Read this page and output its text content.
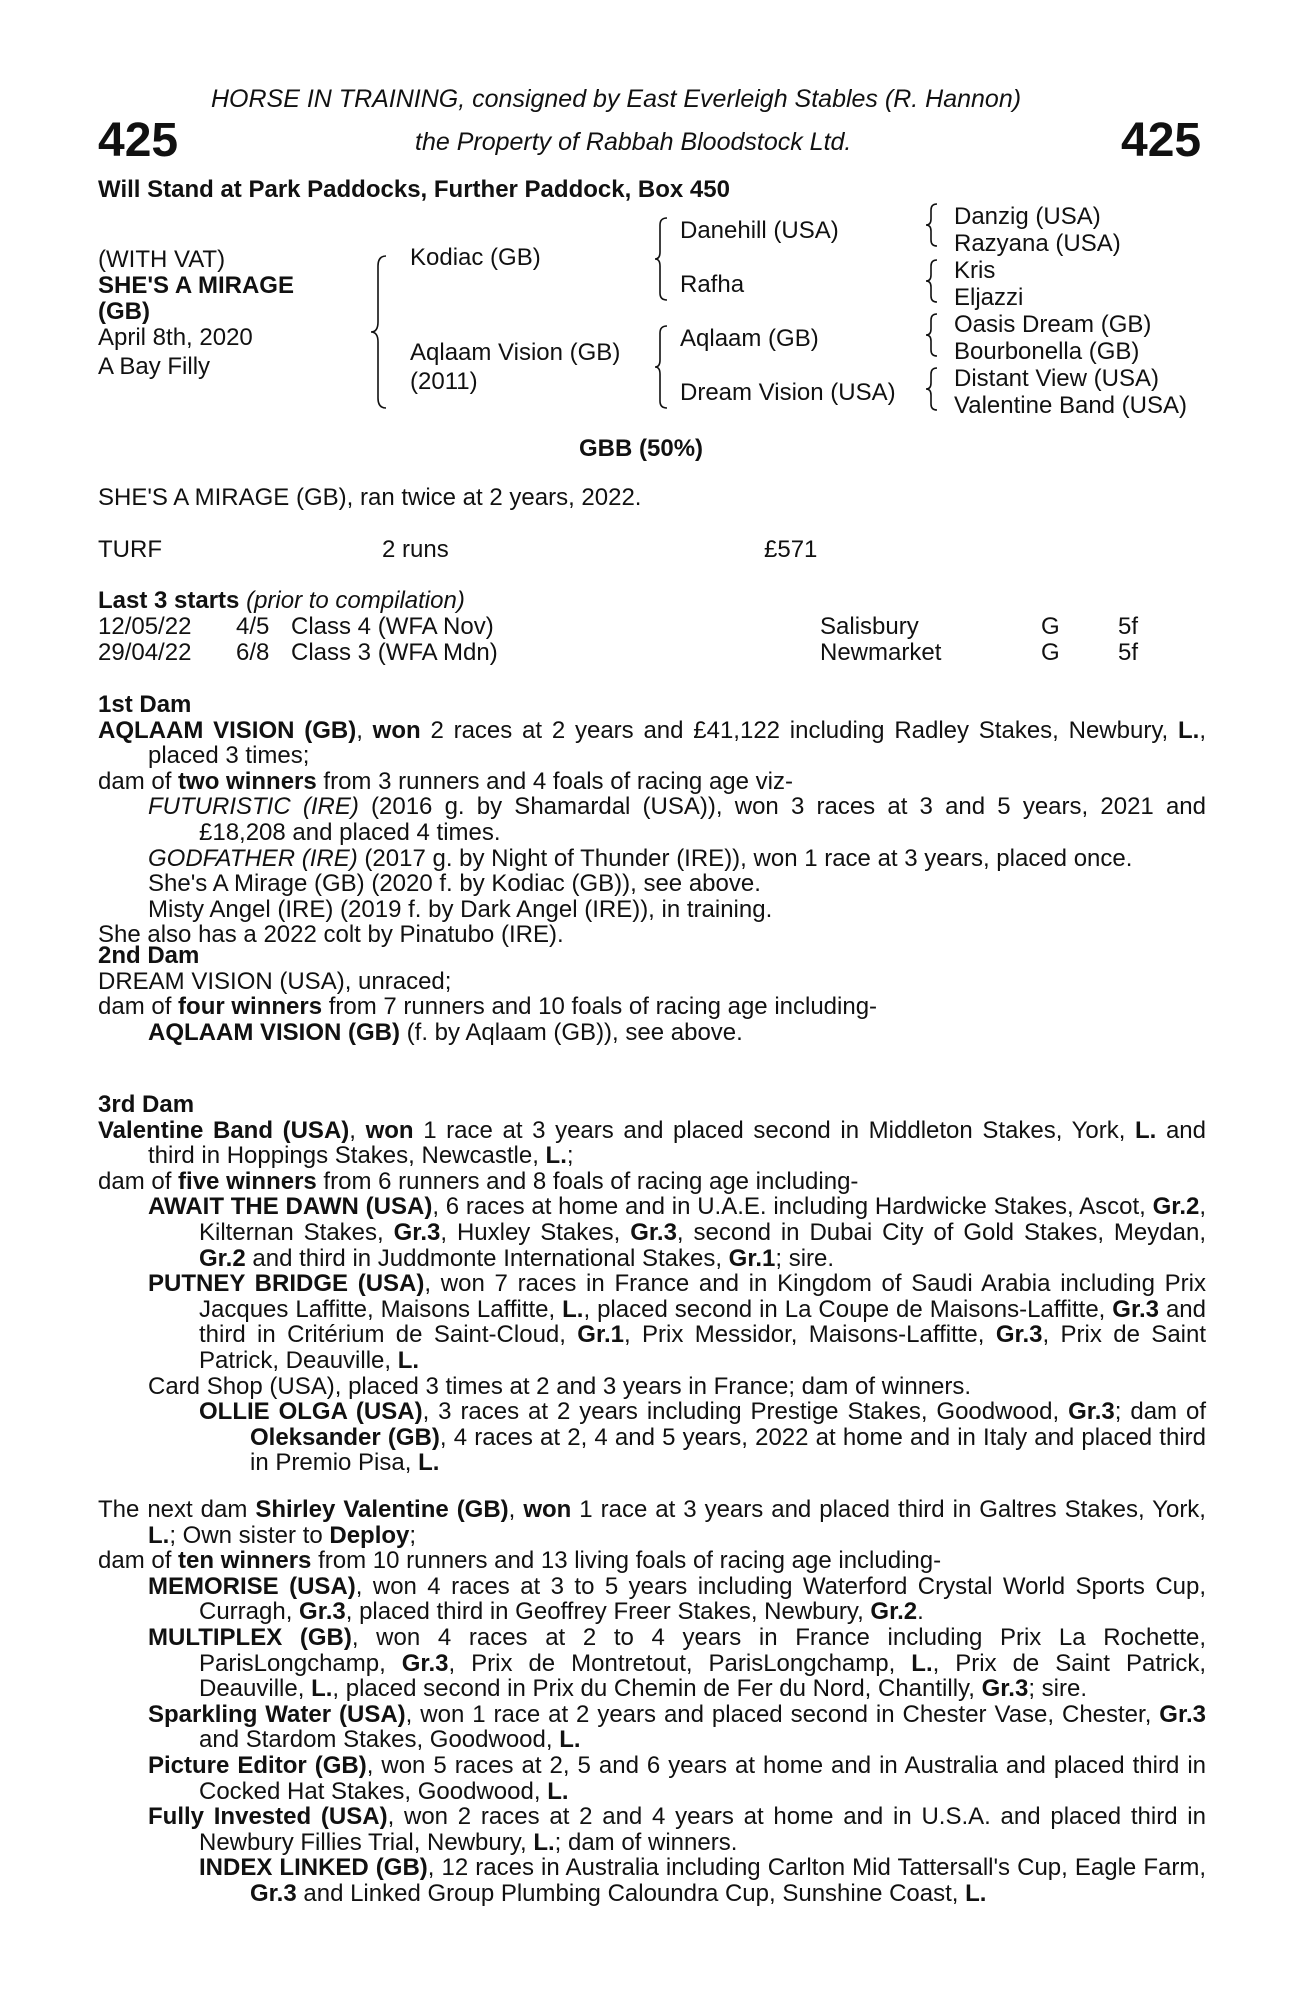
HORSE IN TRAINING, consigned by East Everleigh Stables (R. Hannon)
425	the Property of Rabbah Bloodstock Ltd.	425
Will Stand at Park Paddocks, Further Paddock, Box 450
(WITH VAT)
SHE'S A MIRAGE
(GB)
April 8th, 2020
A Bay Filly
Kodiac (GB)
Aqlaam Vision (GB)
(2011)
Danehill (USA)
Rafha
Aqlaam (GB)
Dream Vision (USA)
Danzig (USA)
Razyana (USA)
Kris
Eljazzi
Oasis Dream (GB)
Bourbonella (GB)
Distant View (USA)
Valentine Band (USA)
GBB (50%)
SHE'S A MIRAGE (GB), ran twice at 2 years, 2022.
TURF	2 runs	£571
Last 3 starts (prior to compilation)
12/05/22 4/5 Class 4 (WFA Nov)	Salisbury	G 5f
29/04/22 6/8 Class 3 (WFA Mdn)	Newmarket	G 5f
1st Dam
AQLAAM VISION (GB), won 2 races at 2 years and £41,122 including Radley Stakes, Newbury, L., placed 3 times;
dam of two winners from 3 runners and 4 foals of racing age viz-
FUTURISTIC (IRE) (2016 g. by Shamardal (USA)), won 3 races at 3 and 5 years, 2021 and £18,208 and placed 4 times.
GODFATHER (IRE) (2017 g. by Night of Thunder (IRE)), won 1 race at 3 years, placed once.
She's A Mirage (GB) (2020 f. by Kodiac (GB)), see above.
Misty Angel (IRE) (2019 f. by Dark Angel (IRE)), in training.
She also has a 2022 colt by Pinatubo (IRE).
2nd Dam
DREAM VISION (USA), unraced;
dam of four winners from 7 runners and 10 foals of racing age including-
AQLAAM VISION (GB) (f. by Aqlaam (GB)), see above.
3rd Dam
Valentine Band (USA), won 1 race at 3 years and placed second in Middleton Stakes, York, L. and third in Hoppings Stakes, Newcastle, L.;
dam of five winners from 6 runners and 8 foals of racing age including-
AWAIT THE DAWN (USA), 6 races at home and in U.A.E. including Hardwicke Stakes, Ascot, Gr.2, Kilternan Stakes, Gr.3, Huxley Stakes, Gr.3, second in Dubai City of Gold Stakes, Meydan, Gr.2 and third in Juddmonte International Stakes, Gr.1; sire.
PUTNEY BRIDGE (USA), won 7 races in France and in Kingdom of Saudi Arabia including Prix Jacques Laffitte, Maisons Laffitte, L., placed second in La Coupe de Maisons-Laffitte, Gr.3 and third in Critérium de Saint-Cloud, Gr.1, Prix Messidor, Maisons-Laffitte, Gr.3, Prix de Saint Patrick, Deauville, L.
Card Shop (USA), placed 3 times at 2 and 3 years in France; dam of winners.
OLLIE OLGA (USA), 3 races at 2 years including Prestige Stakes, Goodwood, Gr.3; dam of Oleksander (GB), 4 races at 2, 4 and 5 years, 2022 at home and in Italy and placed third in Premio Pisa, L.
The next dam Shirley Valentine (GB), won 1 race at 3 years and placed third in Galtres Stakes, York, L.; Own sister to Deploy;
dam of ten winners from 10 runners and 13 living foals of racing age including-
MEMORISE (USA), won 4 races at 3 to 5 years including Waterford Crystal World Sports Cup, Curragh, Gr.3, placed third in Geoffrey Freer Stakes, Newbury, Gr.2.
MULTIPLEX (GB), won 4 races at 2 to 4 years in France including Prix La Rochette, ParisLongchamp, Gr.3, Prix de Montretout, ParisLongchamp, L., Prix de Saint Patrick, Deauville, L., placed second in Prix du Chemin de Fer du Nord, Chantilly, Gr.3; sire.
Sparkling Water (USA), won 1 race at 2 years and placed second in Chester Vase, Chester, Gr.3 and Stardom Stakes, Goodwood, L.
Picture Editor (GB), won 5 races at 2, 5 and 6 years at home and in Australia and placed third in Cocked Hat Stakes, Goodwood, L.
Fully Invested (USA), won 2 races at 2 and 4 years at home and in U.S.A. and placed third in Newbury Fillies Trial, Newbury, L.; dam of winners.
INDEX LINKED (GB), 12 races in Australia including Carlton Mid Tattersall's Cup, Eagle Farm, Gr.3 and Linked Group Plumbing Caloundra Cup, Sunshine Coast, L.
